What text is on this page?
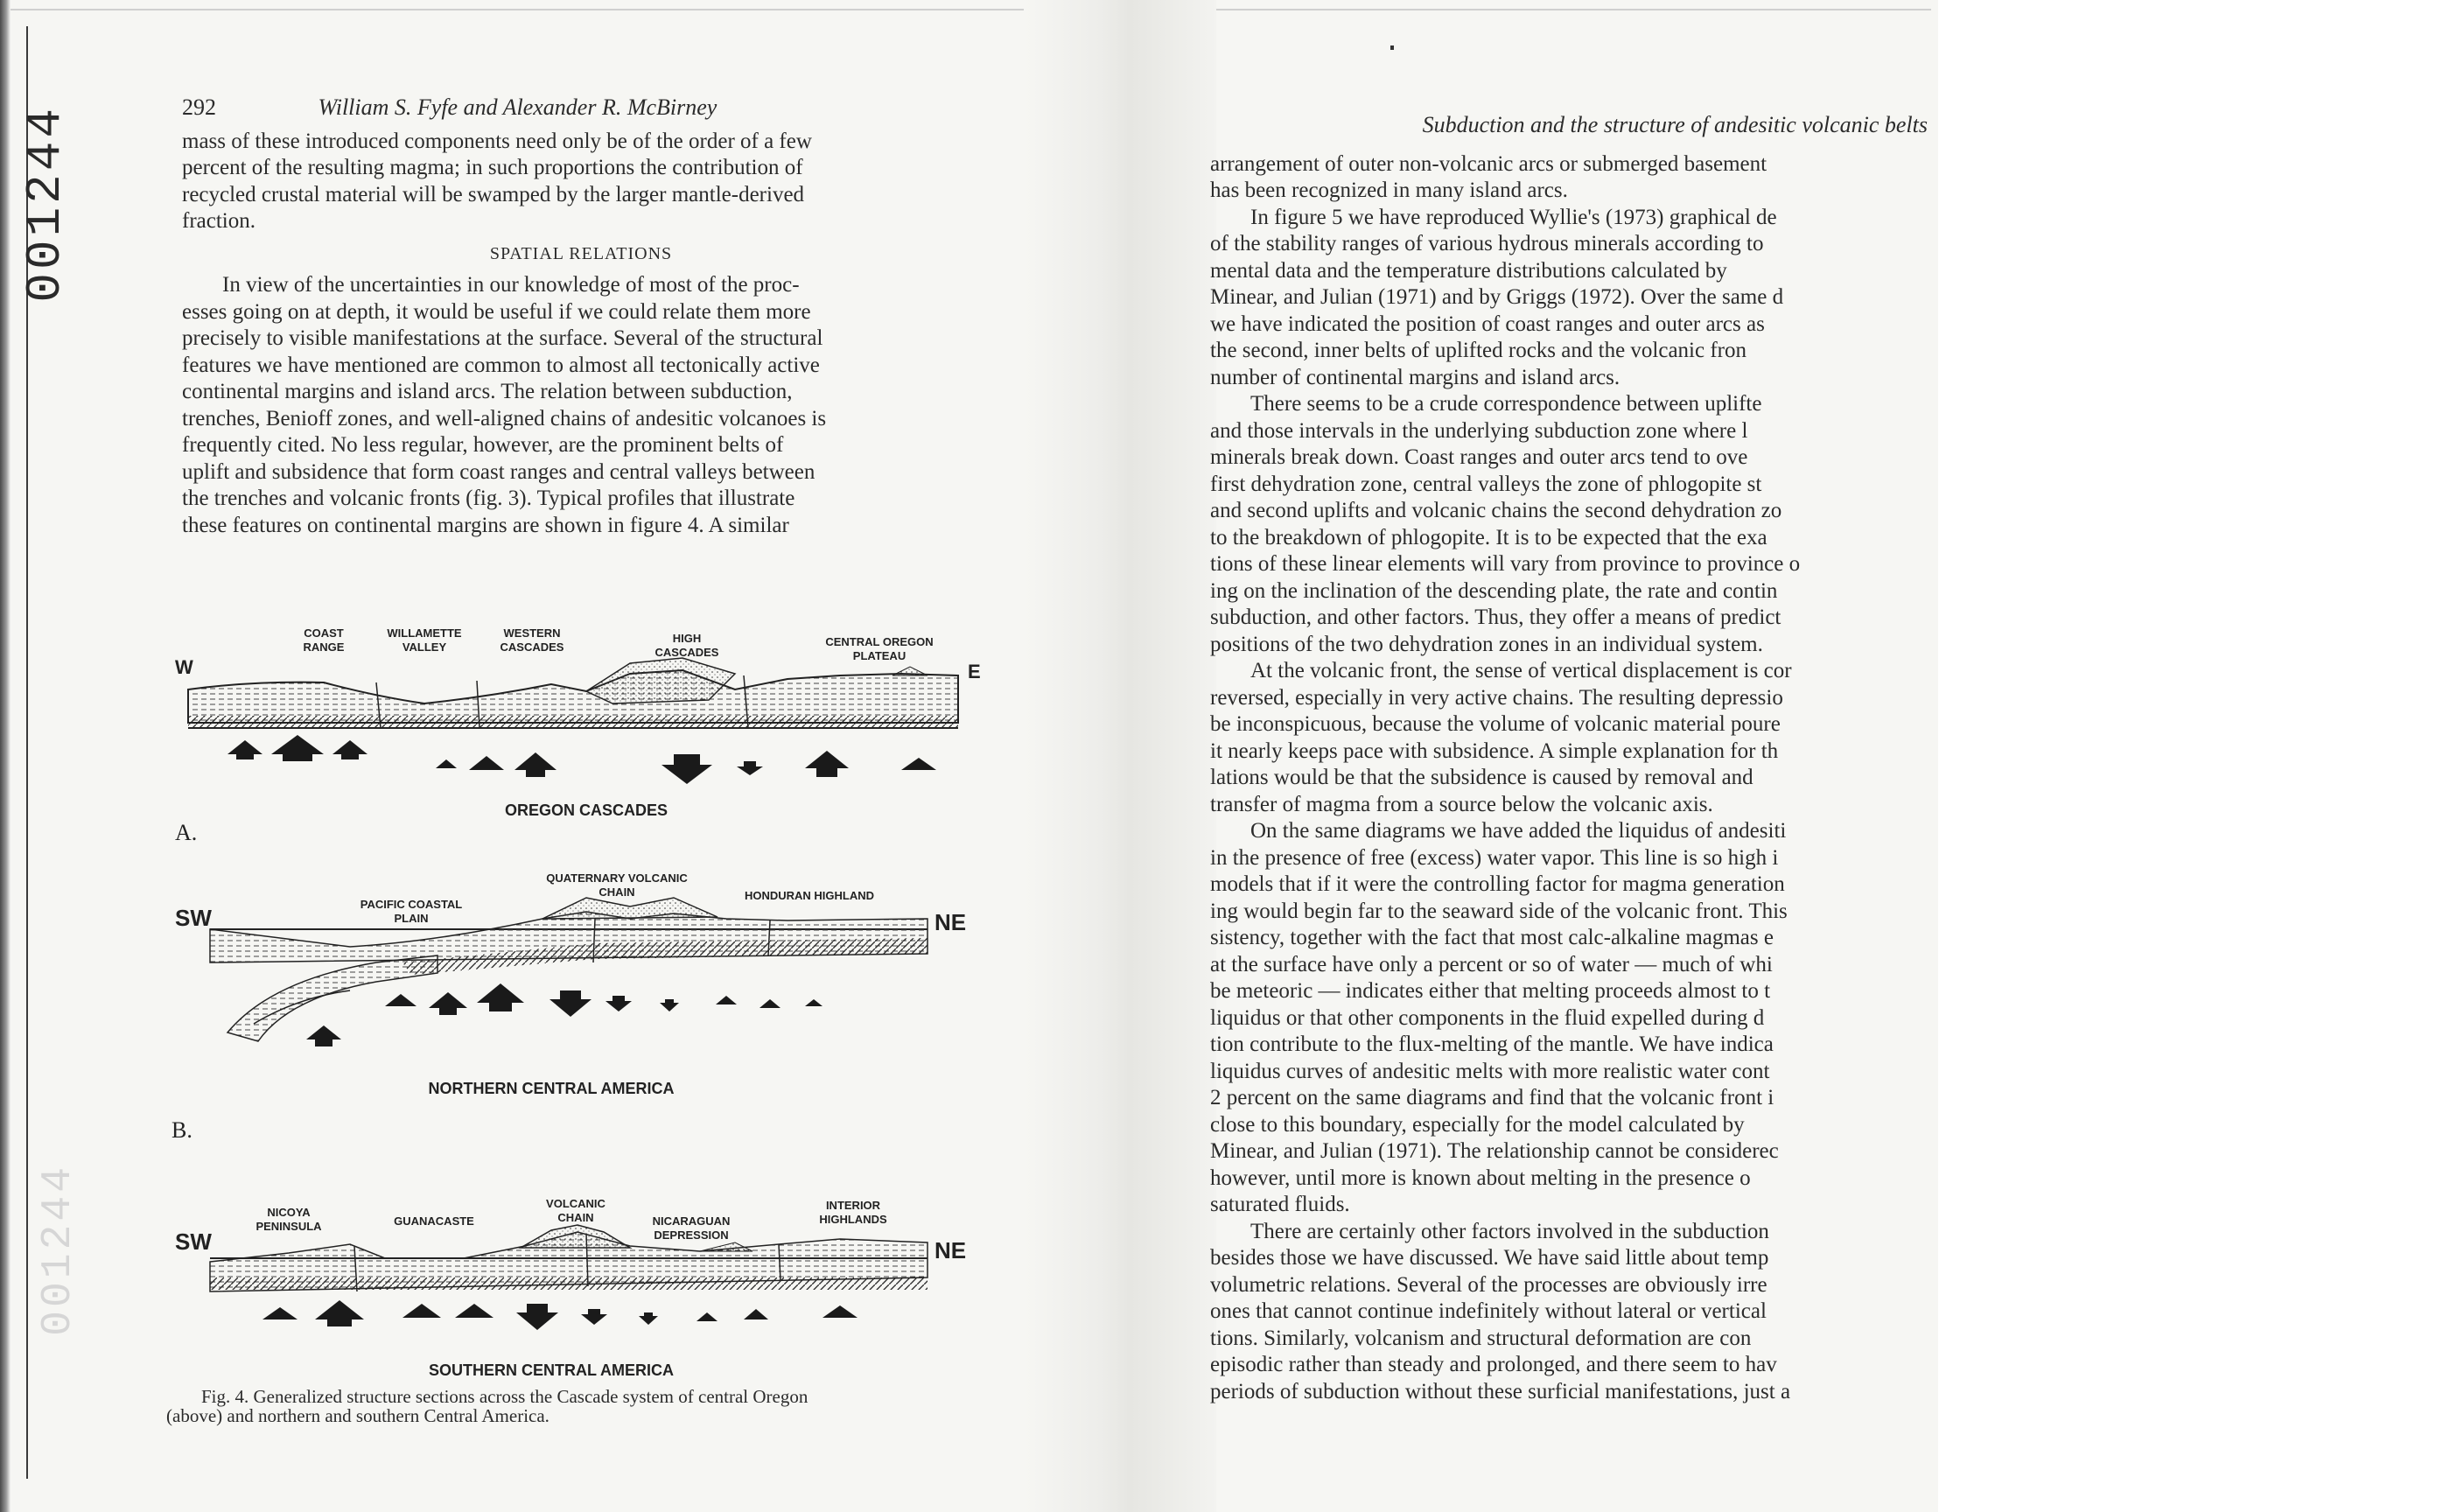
001244
001244
292	William S. Fyfe and Alexander R. McBirney

mass of these introduced components need only be of the order of a few

percent of the resulting magma; in such proportions the contribution of

recycled crustal material will be swamped by the larger mantle-derived

fraction.

SPATIAL RELATIONS

In view of the uncertainties in our knowledge of most of the proc-

esses going on at depth, it would be useful if we could relate them more

precisely to visible manifestations at the surface. Several of the structural

features we have mentioned are common to almost all tectonically active

continental margins and island arcs. The relation between subduction,

trenches, Benioff zones, and well-aligned chains of andesitic volcanoes is

frequently cited. No less regular, however, are the prominent belts of

uplift and subsidence that form coast ranges and central valleys between

the trenches and volcanic fronts (fig. 3). Typical profiles that illustrate

these features on continental margins are shown in figure 4. A similar

W	E
COAST
RANGE
WILLAMETTE
VALLEY
WESTERN
CASCADES
HIGH
CASCADES
CENTRAL OREGON
PLATEAU
OREGON CASCADES
A.
SW	NE
PACIFIC COASTAL
PLAIN
QUATERNARY VOLCANIC
CHAIN	HONDURAN HIGHLAND
NORTHERN CENTRAL AMERICA
B.
SW	NE
NICOYA
PENINSULA	GUANACASTE
VOLCANIC
CHAIN	NICARAGUAN
DEPRESSION
INTERIOR
HIGHLANDS
SOUTHERN CENTRAL AMERICA
Fig. 4. Generalized structure sections across the Cascade system of central Oregon
(above) and northern and southern Central America.
Subduction and the structure of andesitic volcanic belts

arrangement of outer non-volcanic arcs or submerged basement

has been recognized in many island arcs.

In figure 5 we have reproduced Wyllie's (1973) graphical de

of the stability ranges of various hydrous minerals according to

mental data and the temperature distributions calculated by

Minear, and Julian (1971) and by Griggs (1972). Over the same d

we have indicated the position of coast ranges and outer arcs as

the second, inner belts of uplifted rocks and the volcanic fron

number of continental margins and island arcs.

There seems to be a crude correspondence between uplifte

and those intervals in the underlying subduction zone where l

minerals break down. Coast ranges and outer arcs tend to ove

first dehydration zone, central valleys the zone of phlogopite st

and second uplifts and volcanic chains the second dehydration zo

to the breakdown of phlogopite. It is to be expected that the exa

tions of these linear elements will vary from province to province o

ing on the inclination of the descending plate, the rate and contin

subduction, and other factors. Thus, they offer a means of predict

positions of the two dehydration zones in an individual system.

At the volcanic front, the sense of vertical displacement is cor

reversed, especially in very active chains. The resulting depressio

be inconspicuous, because the volume of volcanic material poure

it nearly keeps pace with subsidence. A simple explanation for th

lations would be that the subsidence is caused by removal and

transfer of magma from a source below the volcanic axis.

On the same diagrams we have added the liquidus of andesiti

in the presence of free (excess) water vapor. This line is so high i

models that if it were the controlling factor for magma generation

ing would begin far to the seaward side of the volcanic front. This

sistency, together with the fact that most calc-alkaline magmas e

at the surface have only a percent or so of water — much of whi

be meteoric — indicates either that melting proceeds almost to t

liquidus or that other components in the fluid expelled during d

tion contribute to the flux-melting of the mantle. We have indica

liquidus curves of andesitic melts with more realistic water cont

2 percent on the same diagrams and find that the volcanic front i

close to this boundary, especially for the model calculated by

Minear, and Julian (1971). The relationship cannot be considerec

however, until more is known about melting in the presence o

saturated fluids.

There are certainly other factors involved in the subduction

besides those we have discussed. We have said little about temp

volumetric relations. Several of the processes are obviously irre

ones that cannot continue indefinitely without lateral or vertical

tions. Similarly, volcanism and structural deformation are con

episodic rather than steady and prolonged, and there seem to hav

periods of subduction without these surficial manifestations, just a
